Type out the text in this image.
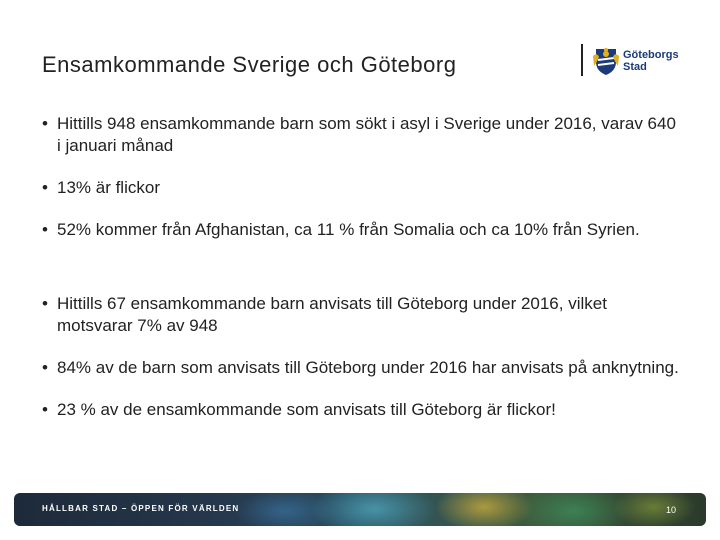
Ensamkommande Sverige och Göteborg	Göteborgs
Stad
• Hittills 948 ensamkommande barn som sökt i asyl i Sverige under 2016, varav 640 i januari månad
• 13% är flickor
• 52% kommer från Afghanistan, ca 11 % från Somalia och ca 10% från Syrien.
• Hittills 67 ensamkommande barn anvisats till Göteborg under 2016, vilket motsvarar 7% av 948
• 84% av de barn som anvisats till Göteborg under 2016 har anvisats på anknytning.
• 23 % av de ensamkommande som anvisats till Göteborg är flickor!
HÅLLBAR STAD – ÖPPEN FÖR VÄRLDEN	10
